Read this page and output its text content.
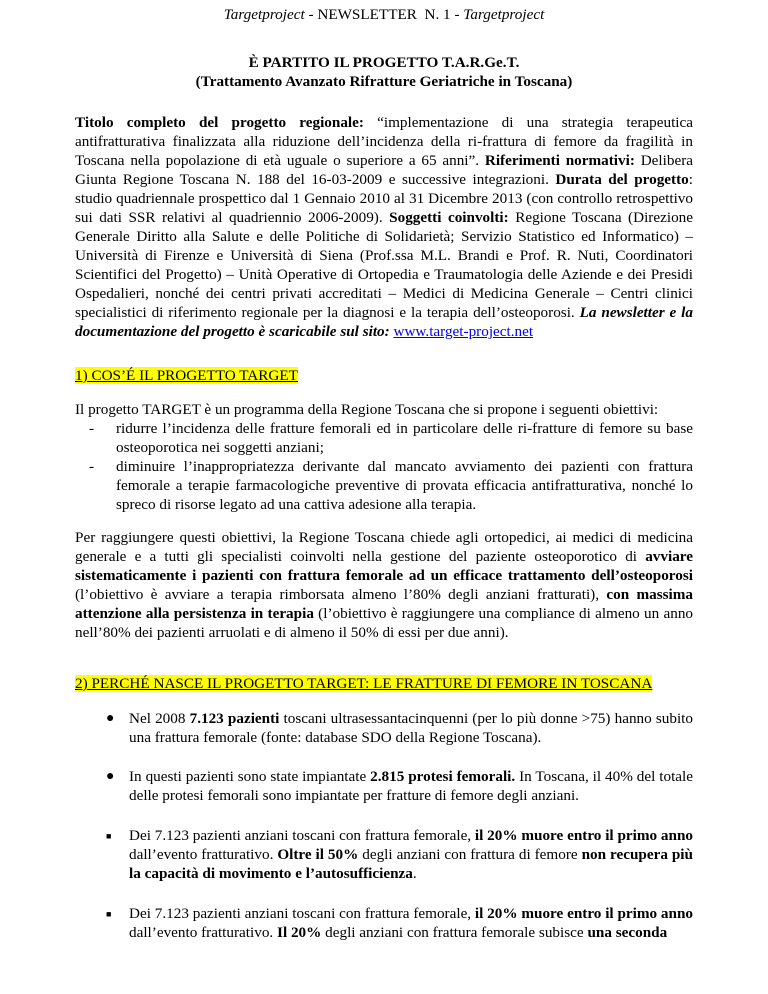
Targetproject - NEWSLETTER  N. 1 - Targetproject
È PARTITO IL PROGETTO T.A.R.Ge.T.
(Trattamento Avanzato Rifratture Geriatriche in Toscana)
Titolo completo del progetto regionale: “implementazione di una strategia terapeutica antifratturativa finalizzata alla riduzione dell’incidenza della ri-frattura di femore da fragilità in Toscana nella popolazione di età uguale o superiore a 65 anni”. Riferimenti normativi: Delibera Giunta Regione Toscana N. 188 del 16-03-2009 e successive integrazioni. Durata del progetto: studio quadriennale prospettico dal 1 Gennaio 2010 al 31 Dicembre 2013 (con controllo retrospettivo sui dati SSR relativi al quadriennio 2006-2009). Soggetti coinvolti: Regione Toscana (Direzione Generale Diritto alla Salute e delle Politiche di Solidarietà; Servizio Statistico ed Informatico) – Università di Firenze e Università di Siena (Prof.ssa M.L. Brandi e Prof. R. Nuti, Coordinatori Scientifici del Progetto) – Unità Operative di Ortopedia e Traumatologia delle Aziende e dei Presidi Ospedalieri, nonché dei centri privati accreditati – Medici di Medicina Generale – Centri clinici specialistici di riferimento regionale per la diagnosi e la terapia dell’osteoporosi. La newsletter e la documentazione del progetto è scaricabile sul sito: www.target-project.net
1) COS’É IL PROGETTO TARGET
Il progetto TARGET è un programma della Regione Toscana che si propone i seguenti obiettivi:
- ridurre l’incidenza delle fratture femorali ed in particolare delle ri-fratture di femore su base osteoporotica nei soggetti anziani;
- diminuire l’inappropriatezza derivante dal mancato avviamento dei pazienti con frattura femorale a terapie farmacologiche preventive di provata efficacia antifratturativa, nonché lo spreco di risorse legato ad una cattiva adesione alla terapia.
Per raggiungere questi obiettivi, la Regione Toscana chiede agli ortopedici, ai medici di medicina generale e a tutti gli specialisti coinvolti nella gestione del paziente osteoporotico di avviare sistematicamente i pazienti con frattura femorale ad un efficace trattamento dell’osteoporosi (l’obiettivo è avviare a terapia rimborsata almeno l’80% degli anziani fratturati), con massima attenzione alla persistenza in terapia (l’obiettivo è raggiungere una compliance di almeno un anno nell’80% dei pazienti arruolati e di almeno il 50% di essi per due anni).
2) PERCHÉ NASCE IL PROGETTO TARGET: LE FRATTURE DI FEMORE IN TOSCANA
● Nel 2008 7.123 pazienti toscani ultrasessantacinquenni (per lo più donne >75) hanno subito una frattura femorale (fonte: database SDO della Regione Toscana).
● In questi pazienti sono state impiantate 2.815 protesi femorali. In Toscana, il 40% del totale delle protesi femorali sono impiantate per fratture di femore degli anziani.
■ Dei 7.123 pazienti anziani toscani con frattura femorale, il 20% muore entro il primo anno dall’evento fratturativo. Oltre il 50% degli anziani con frattura di femore non recupera più la capacità di movimento e l’autosufficienza.
■ Dei 7.123 pazienti anziani toscani con frattura femorale, il 20% muore entro il primo anno dall’evento fratturativo. Il 20% degli anziani con frattura femorale subisce una seconda
